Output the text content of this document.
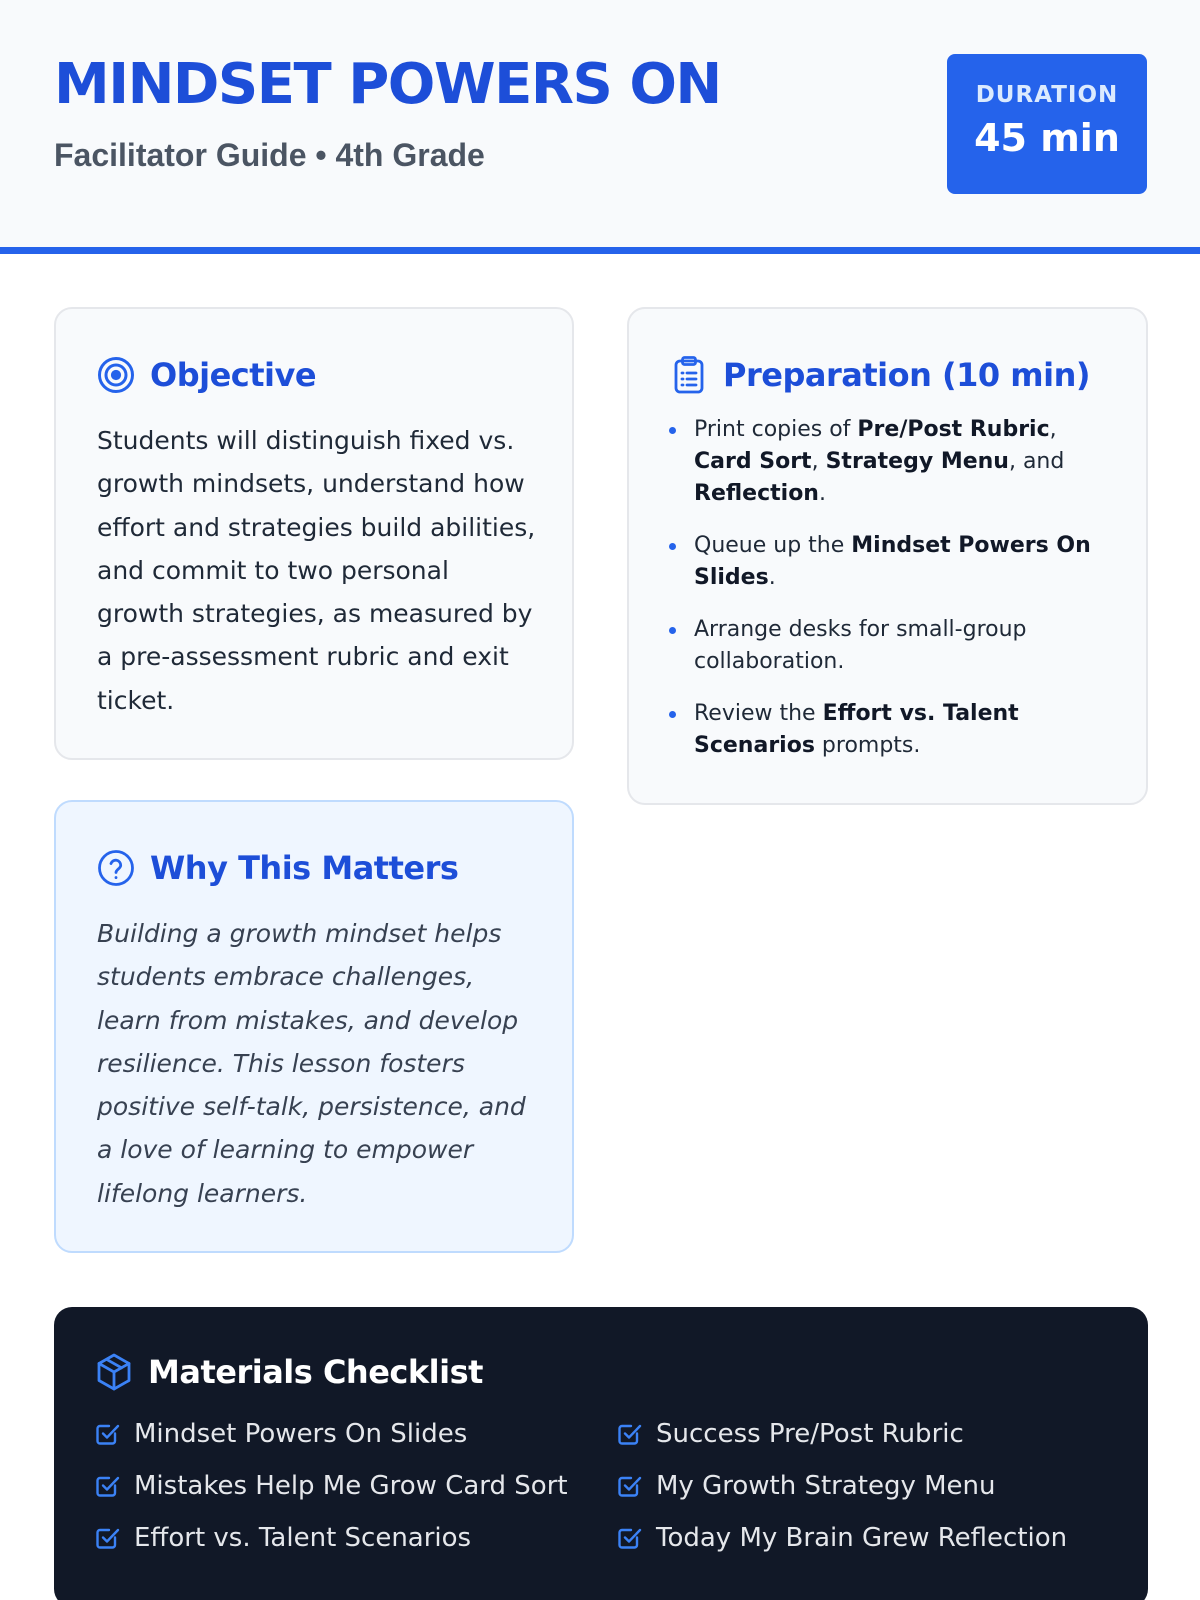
MINDSET POWERS ON
Facilitator Guide • 4th Grade
DURATION
45 min
Objective
Students will distinguish fixed vs. growth mindsets, understand how effort and strategies build abilities, and commit to two personal growth strategies, as measured by a pre-assessment rubric and exit ticket.
Preparation (10 min)
Print copies of Pre/Post Rubric, Card Sort, Strategy Menu, and Reflection.
Queue up the Mindset Powers On Slides.
Arrange desks for small-group collaboration.
Review the Effort vs. Talent Scenarios prompts.
Why This Matters
Building a growth mindset helps students embrace challenges, learn from mistakes, and develop resilience. This lesson fosters positive self-talk, persistence, and a love of learning to empower lifelong learners.
Materials Checklist
Mindset Powers On Slides	Success Pre/Post Rubric
Mistakes Help Me Grow Card Sort	My Growth Strategy Menu
Effort vs. Talent Scenarios	Today My Brain Grew Reflection
